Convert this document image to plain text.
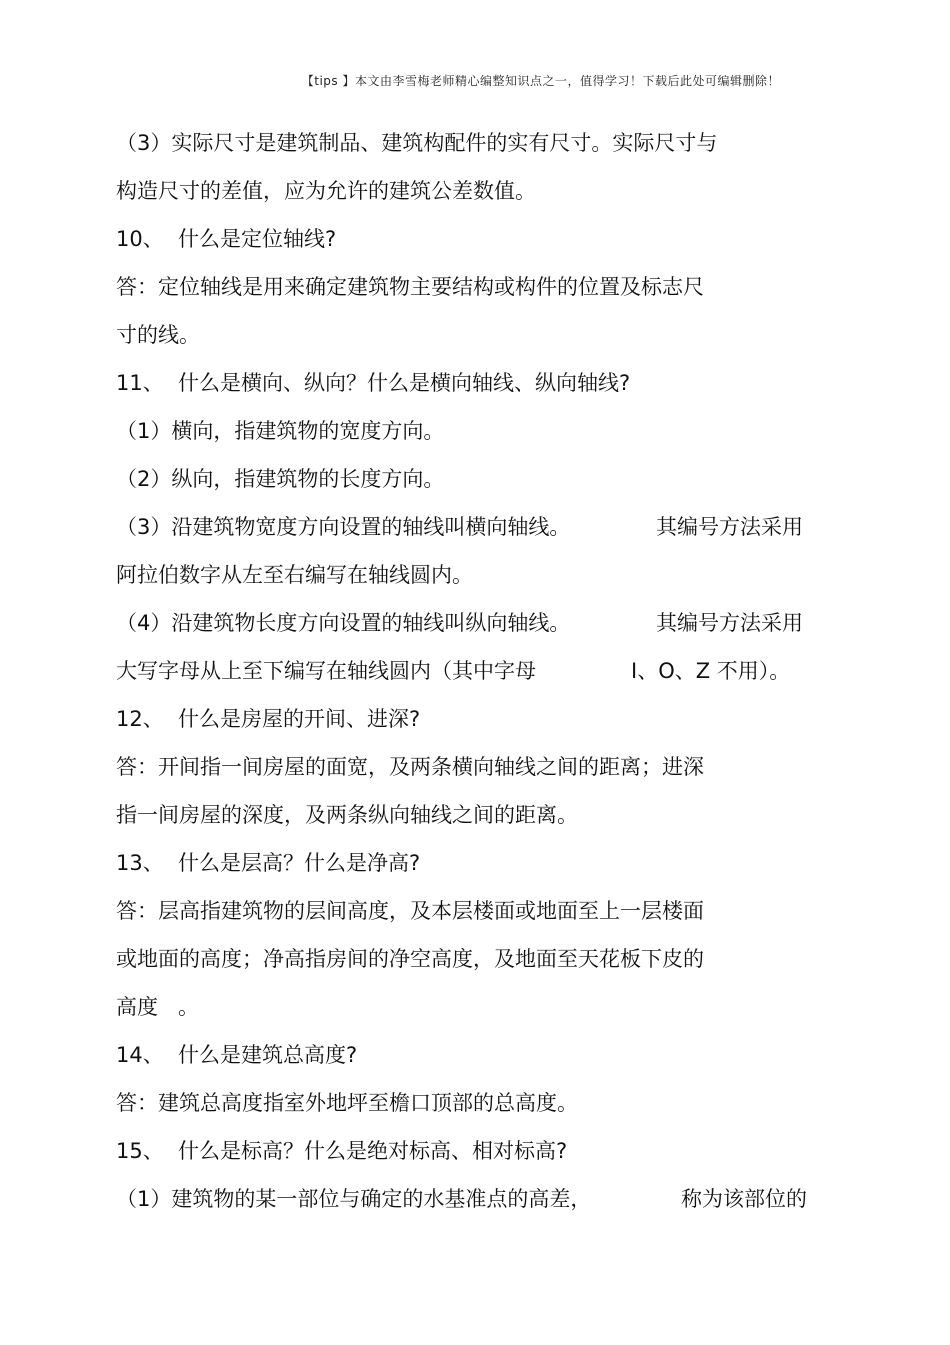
【tips 】本文由李雪梅老师精心编整知识点之一，值得学习！下载后此处可编辑删除！
（3）实际尺寸是建筑制品、建筑构配件的实有尺寸。实际尺寸与
构造尺寸的差值，应为允许的建筑公差数值。
10、 什么是定位轴线?
答：定位轴线是用来确定建筑物主要结构或构件的位置及标志尺
寸的线。
11、 什么是横向、纵向？什么是横向轴线、纵向轴线?
（1）横向，指建筑物的宽度方向。
（2）纵向，指建筑物的长度方向。
（3）沿建筑物宽度方向设置的轴线叫横向轴线。	其编号方法采用
阿拉伯数字从左至右编写在轴线圆内。
（4）沿建筑物长度方向设置的轴线叫纵向轴线。	其编号方法采用
大写字母从上至下编写在轴线圆内（其中字母	I、O、Z 不用）。
12、 什么是房屋的开间、进深?
答：开间指一间房屋的面宽，及两条横向轴线之间的距离；进深
指一间房屋的深度，及两条纵向轴线之间的距离。
13、 什么是层高？什么是净高?
答：层高指建筑物的层间高度，及本层楼面或地面至上一层楼面
或地面的高度；净高指房间的净空高度，及地面至天花板下皮的
高度 。
14、 什么是建筑总高度?
答：建筑总高度指室外地坪至檐口顶部的总高度。
15、 什么是标高？什么是绝对标高、相对标高?
（1）建筑物的某一部位与确定的水基准点的高差，	称为该部位的
